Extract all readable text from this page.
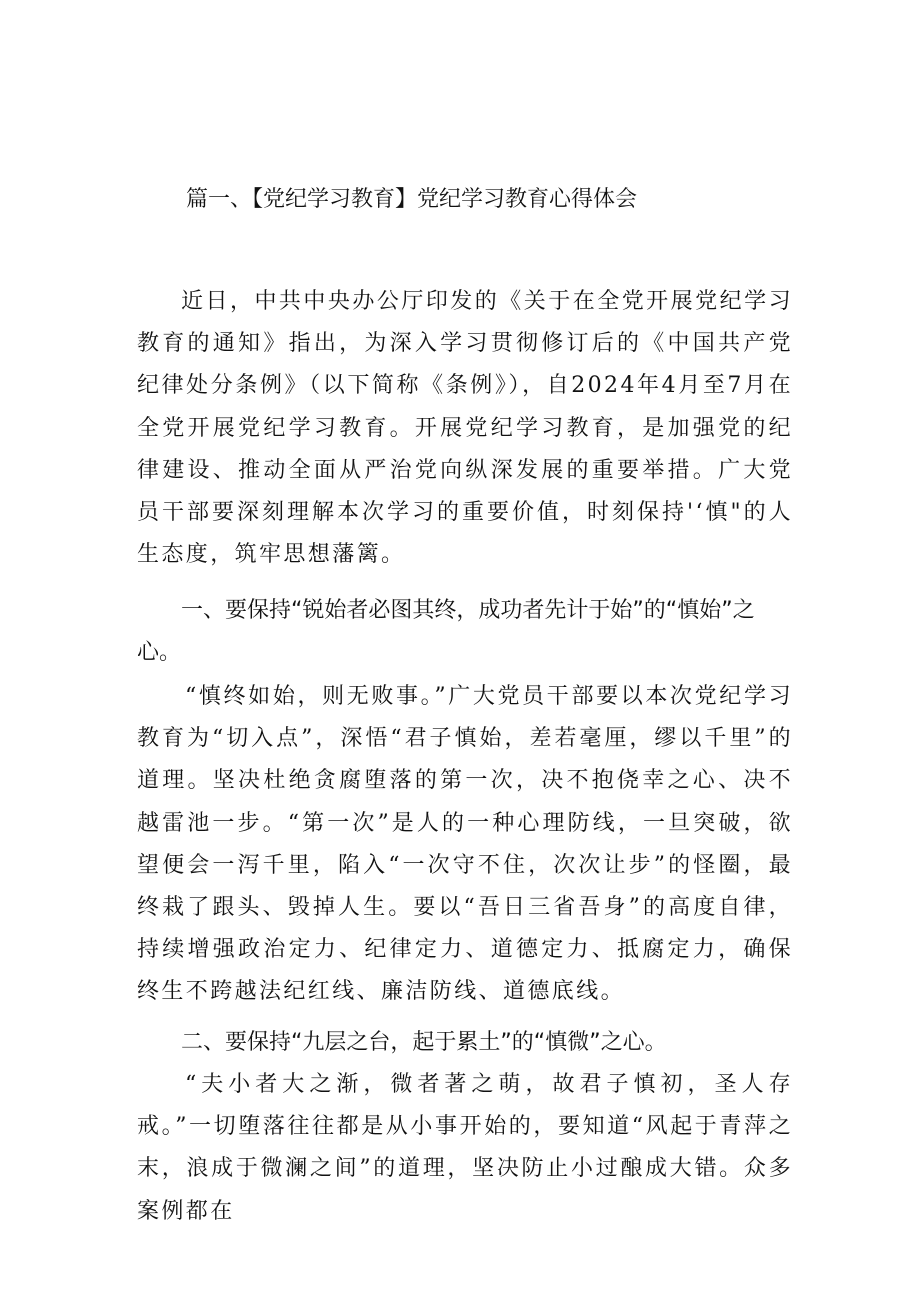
篇一、【党纪学习教育】党纪学习教育心得体会

近日，中共中央办公厅印发的《关于在全党开展党纪学习教育的通知》指出，为深入学习贯彻修订后的《中国共产党纪律处分条例》（以下简称《条例》），自2024年4月至7月在全党开展党纪学习教育。开展党纪学习教育，是加强党的纪律建设、推动全面从严治党向纵深发展的重要举措。广大党员干部要深刻理解本次学习的重要价值，时刻保持'‘慎"的人生态度，筑牢思想藩篱。

一、要保持“锐始者必图其终，成功者先计于始”的“慎始”之心。

“慎终如始，则无败事。”广大党员干部要以本次党纪学习教育为“切入点”，深悟“君子慎始，差若毫厘，缪以千里”的道理。坚决杜绝贪腐堕落的第一次，决不抱侥幸之心、决不越雷池一步。“第一次”是人的一种心理防线，一旦突破，欲望便会一泻千里，陷入“一次守不住，次次让步”的怪圈，最终栽了跟头、毁掉人生。要以“吾日三省吾身”的高度自律，持续增强政治定力、纪律定力、道德定力、抵腐定力，确保终生不跨越法纪红线、廉洁防线、道德底线。

二、要保持“九层之台，起于累土”的“慎微”之心。

“夫小者大之渐，微者著之萌，故君子慎初，圣人存戒。”一切堕落往往都是从小事开始的，要知道“风起于青萍之末，浪成于微澜之间”的道理，坚决防止小过酿成大错。众多案例都在
